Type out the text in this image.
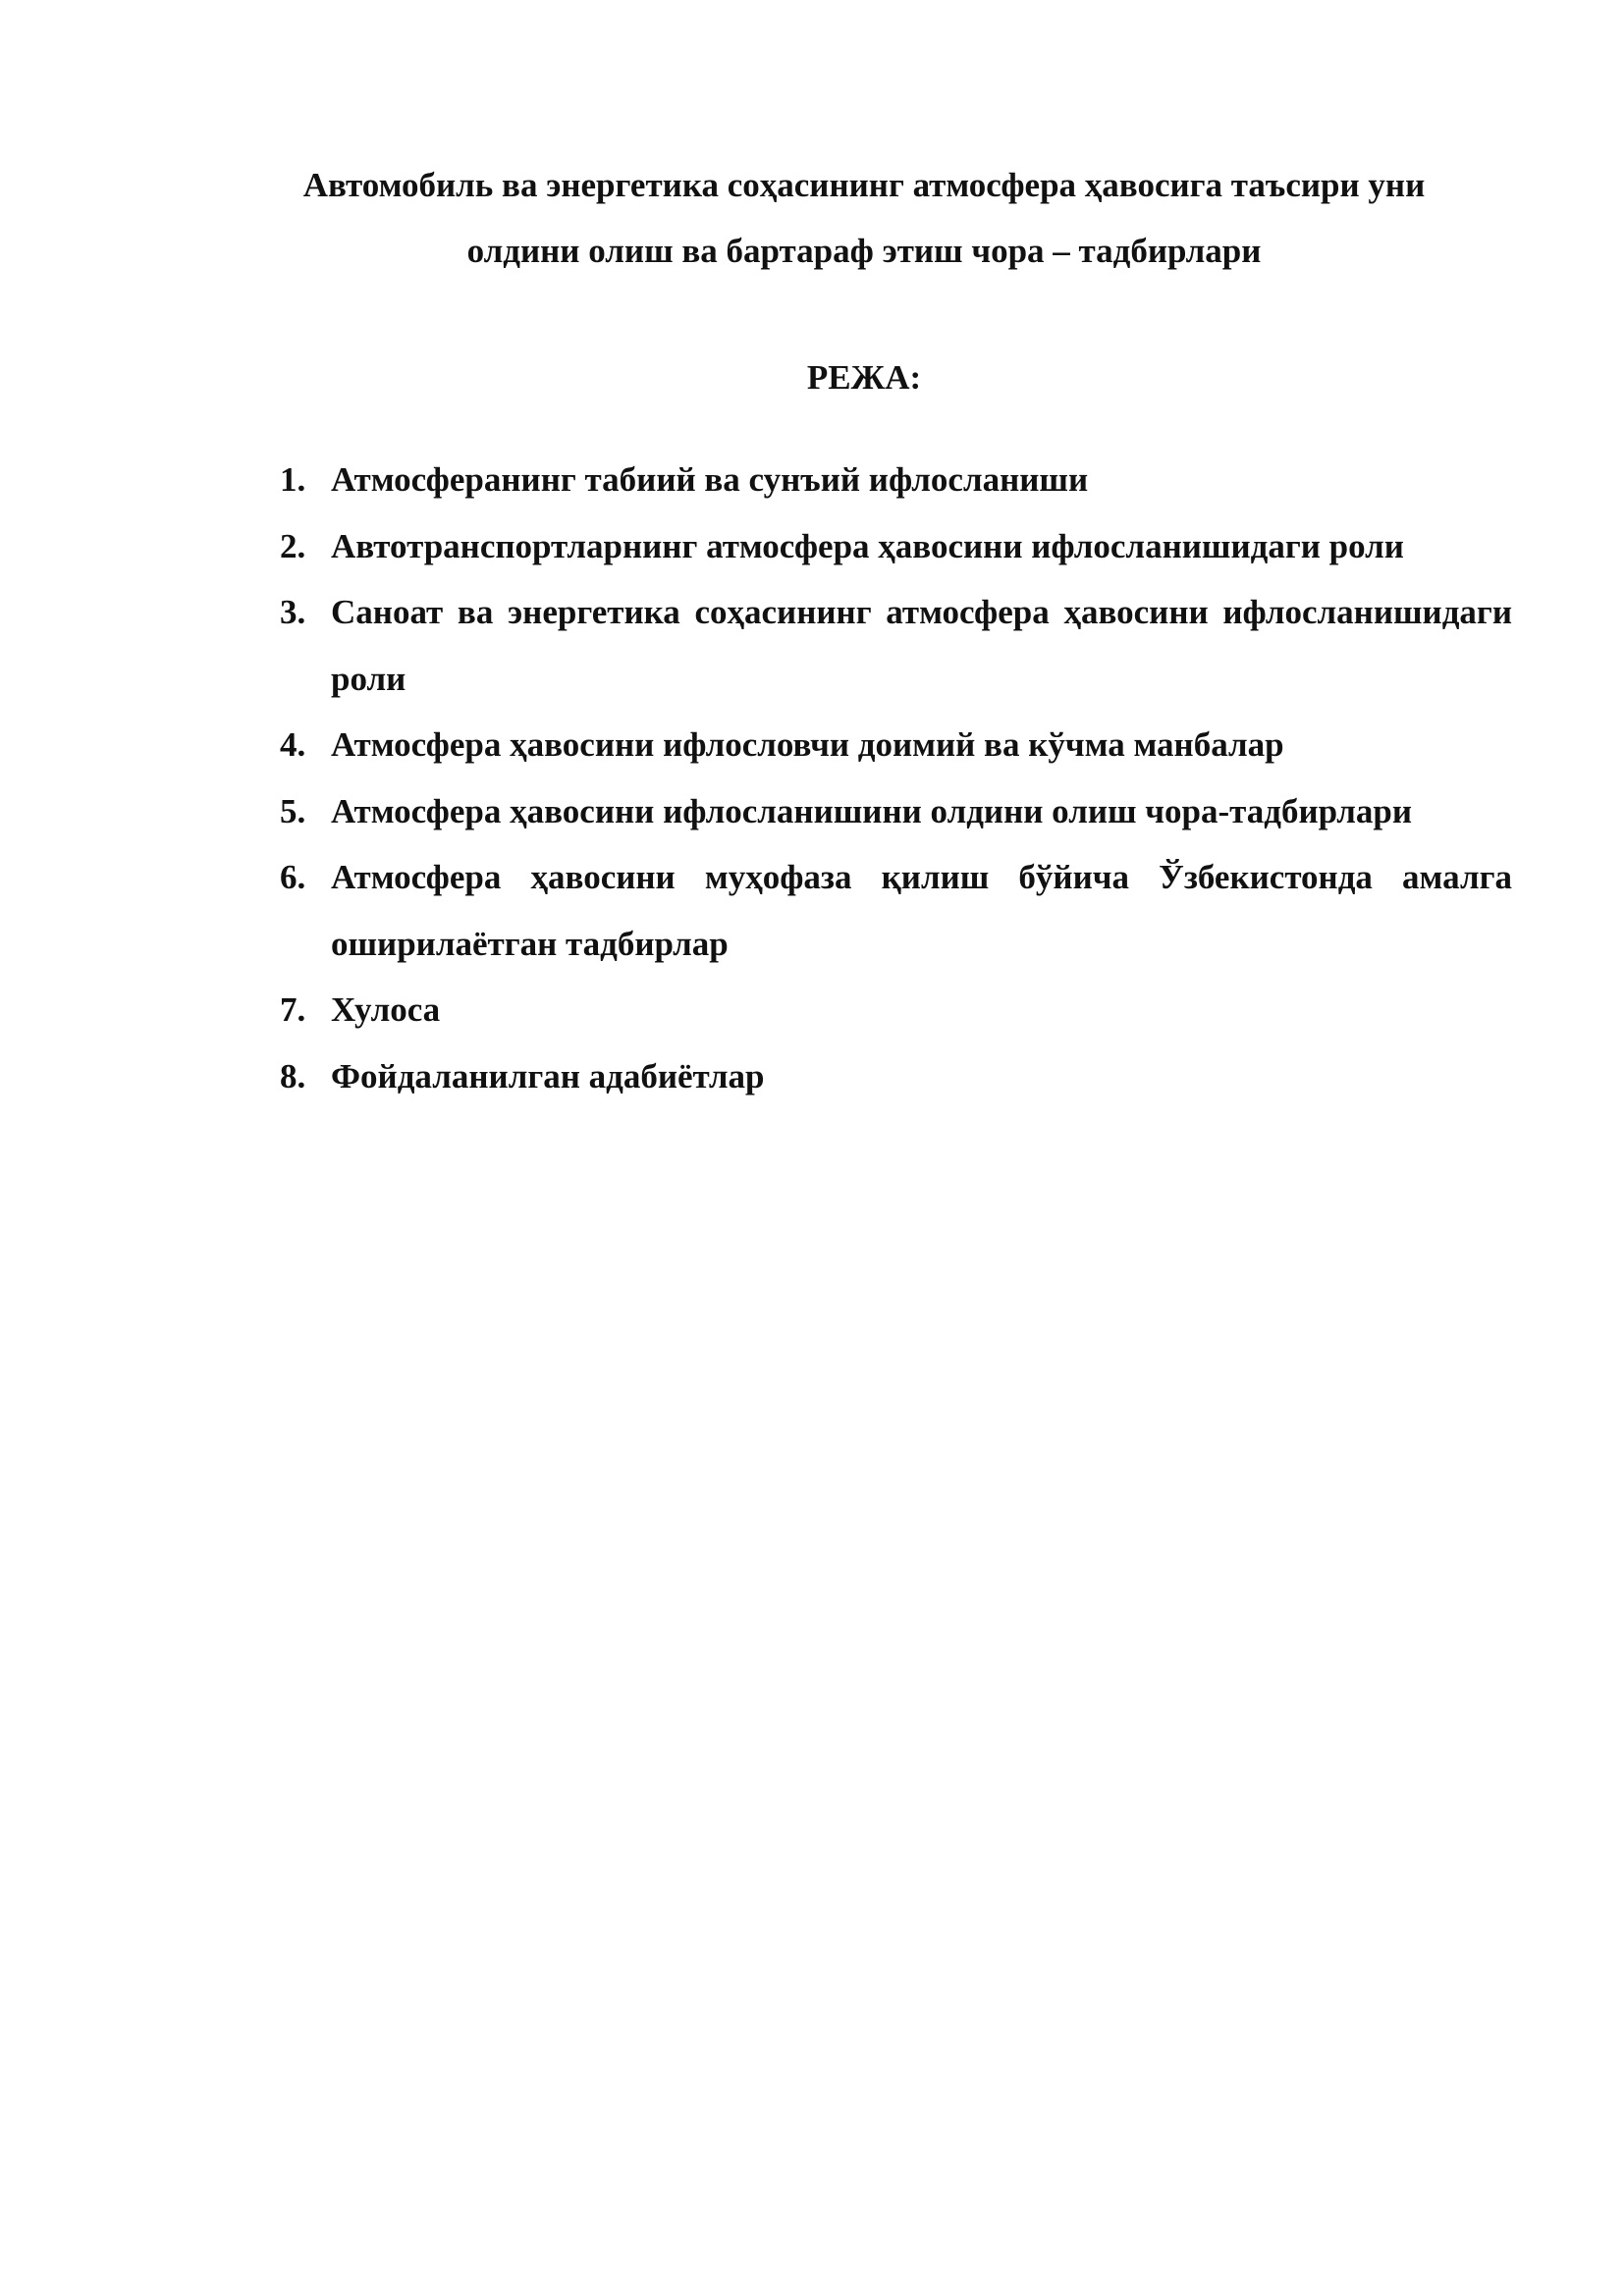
Автомобиль ва энергетика соҳасининг атмосфера ҳавосига таъсири уни
олдини олиш ва бартараф этиш чора – тадбирлари
РЕЖА:
1. Атмосферанинг табиий ва сунъий ифлосланиши
2. Автотранспортларнинг атмосфера ҳавосини ифлосланишидаги роли
3. Саноат ва энергетика соҳасининг атмосфера ҳавосини ифлосланишидаги роли
4. Атмосфера ҳавосини ифлословчи доимий ва кўчма манбалар
5. Атмосфера ҳавосини ифлосланишини олдини олиш чора-тадбирлари
6. Атмосфера ҳавосини муҳофаза қилиш бўйича Ўзбекистонда амалга оширилаётган тадбирлар
7. Хулоса
8. Фойдаланилган адабиётлар
